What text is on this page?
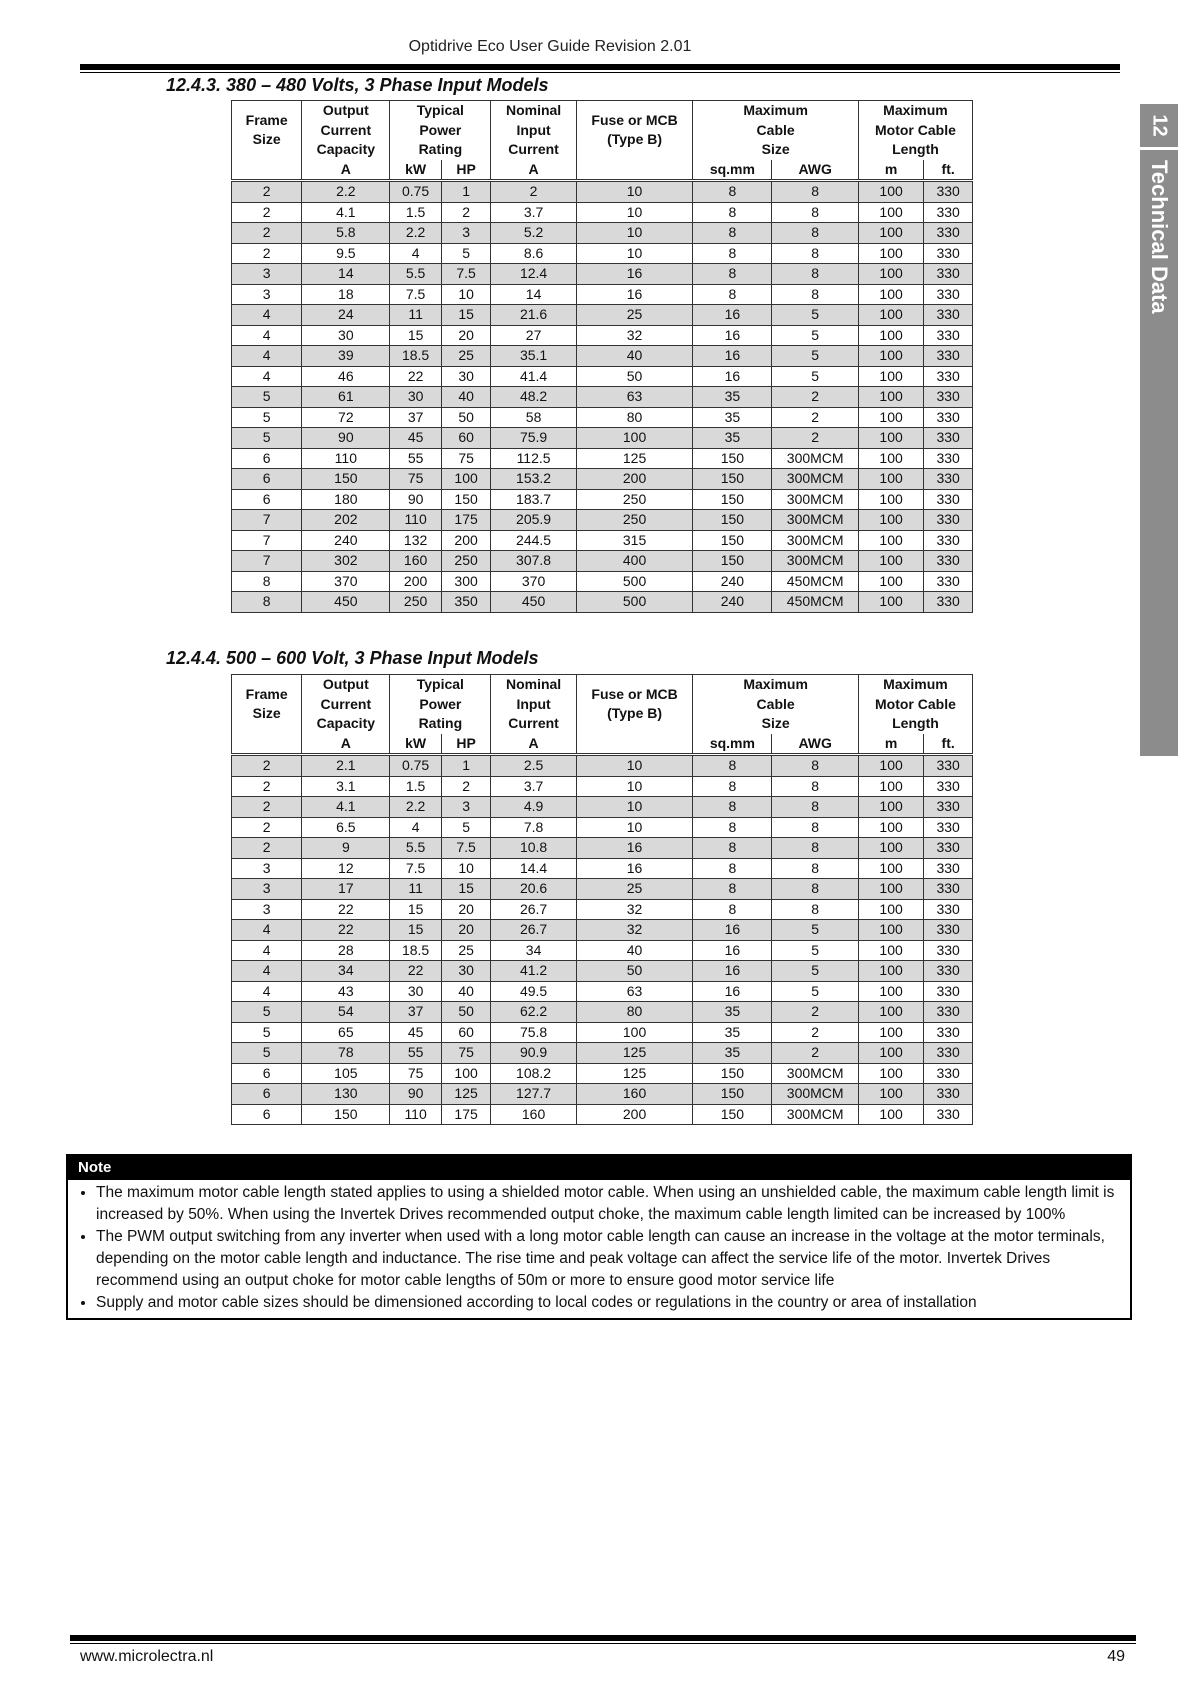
Optidrive Eco User Guide Revision 2.01
12
Technical Data
12.4.3. 380 – 480 Volts, 3 Phase Input Models
Frame Size	Output Current Capacity	Typical Power Rating		Nominal Input Current	Fuse or MCB (Type B)	Maximum Cable Size		Maximum Motor Cable Length	
	A	kW	HP	A		sq.mm	AWG	m	ft.
2	2.2	0.75	1	2	10	8	8	100	330
2	4.1	1.5	2	3.7	10	8	8	100	330
2	5.8	2.2	3	5.2	10	8	8	100	330
2	9.5	4	5	8.6	10	8	8	100	330
3	14	5.5	7.5	12.4	16	8	8	100	330
3	18	7.5	10	14	16	8	8	100	330
4	24	11	15	21.6	25	16	5	100	330
4	30	15	20	27	32	16	5	100	330
4	39	18.5	25	35.1	40	16	5	100	330
4	46	22	30	41.4	50	16	5	100	330
5	61	30	40	48.2	63	35	2	100	330
5	72	37	50	58	80	35	2	100	330
5	90	45	60	75.9	100	35	2	100	330
6	110	55	75	112.5	125	150	300MCM	100	330
6	150	75	100	153.2	200	150	300MCM	100	330
6	180	90	150	183.7	250	150	300MCM	100	330
7	202	110	175	205.9	250	150	300MCM	100	330
7	240	132	200	244.5	315	150	300MCM	100	330
7	302	160	250	307.8	400	150	300MCM	100	330
8	370	200	300	370	500	240	450MCM	100	330
8	450	250	350	450	500	240	450MCM	100	330
12.4.4. 500 – 600 Volt, 3 Phase Input Models
Frame Size	Output Current Capacity	Typical Power Rating		Nominal Input Current	Fuse or MCB (Type B)	Maximum Cable Size		Maximum Motor Cable Length	
	A	kW	HP	A		sq.mm	AWG	m	ft.
2	2.1	0.75	1	2.5	10	8	8	100	330
2	3.1	1.5	2	3.7	10	8	8	100	330
2	4.1	2.2	3	4.9	10	8	8	100	330
2	6.5	4	5	7.8	10	8	8	100	330
2	9	5.5	7.5	10.8	16	8	8	100	330
3	12	7.5	10	14.4	16	8	8	100	330
3	17	11	15	20.6	25	8	8	100	330
3	22	15	20	26.7	32	8	8	100	330
4	22	15	20	26.7	32	16	5	100	330
4	28	18.5	25	34	40	16	5	100	330
4	34	22	30	41.2	50	16	5	100	330
4	43	30	40	49.5	63	16	5	100	330
5	54	37	50	62.2	80	35	2	100	330
5	65	45	60	75.8	100	35	2	100	330
5	78	55	75	90.9	125	35	2	100	330
6	105	75	100	108.2	125	150	300MCM	100	330
6	130	90	125	127.7	160	150	300MCM	100	330
6	150	110	175	160	200	150	300MCM	100	330
Note
• The maximum motor cable length stated applies to using a shielded motor cable. When using an unshielded cable, the maximum cable length limit is increased by 50%. When using the Invertek Drives recommended output choke, the maximum cable length limited can be increased by 100%
• The PWM output switching from any inverter when used with a long motor cable length can cause an increase in the voltage at the motor terminals, depending on the motor cable length and inductance. The rise time and peak voltage can affect the service life of the motor. Invertek Drives recommend using an output choke for motor cable lengths of 50m or more to ensure good motor service life
• Supply and motor cable sizes should be dimensioned according to local codes or regulations in the country or area of installation
www.microlectra.nl	49
